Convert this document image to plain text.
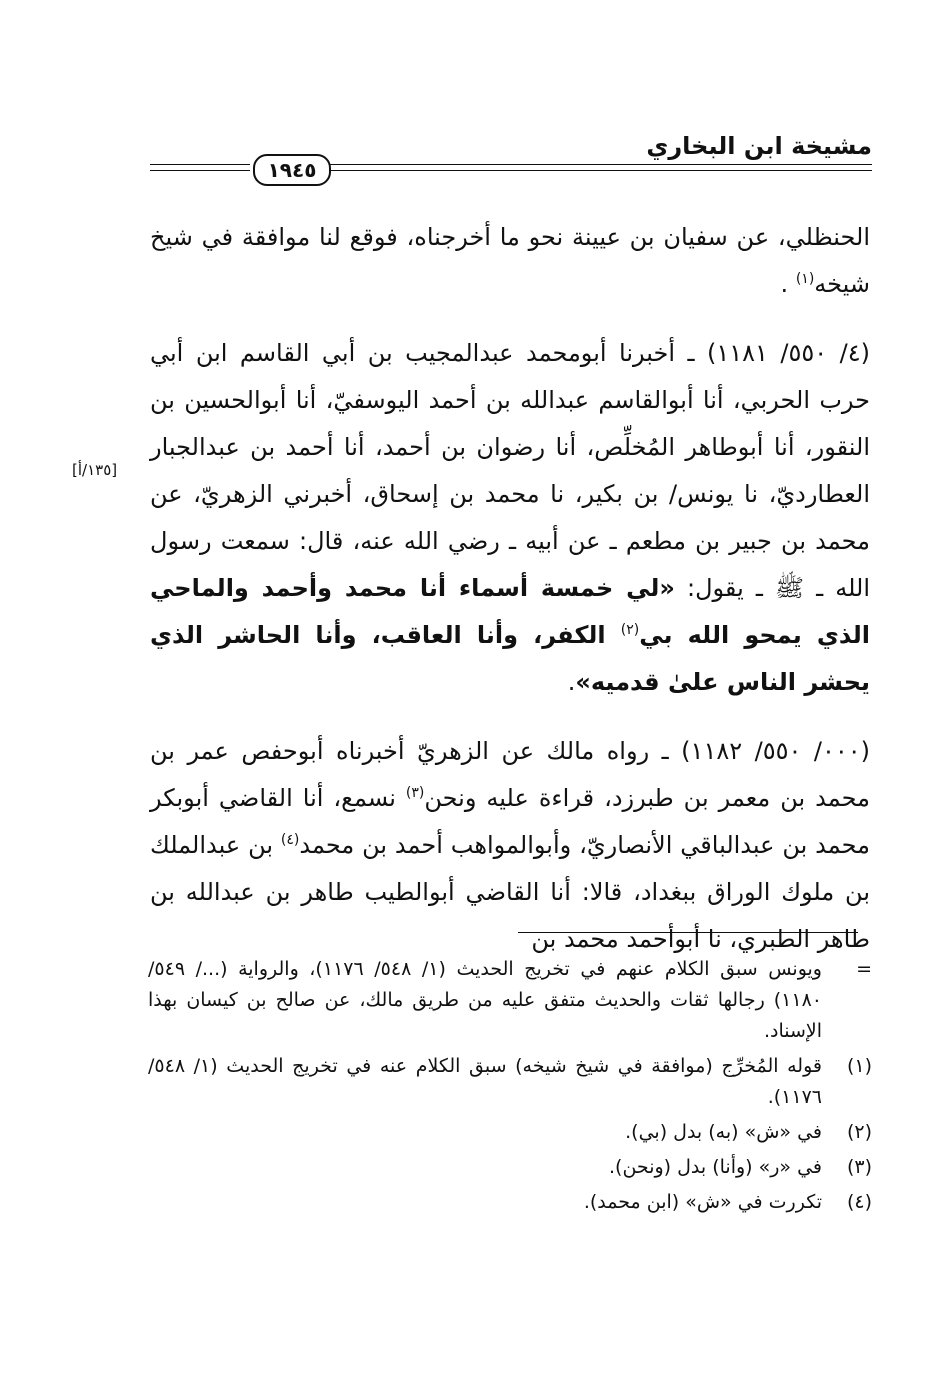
مشيخة ابن البخاري
١٩٤٥

الحنظلي، عن سفيان بن عيينة نحو ما أخرجناه، فوقع لنا موافقة في شيخ شيخه$^{(١)}$ .

(٤/ ٥٥٠/ ١١٨١) ـ أخبرنا أبومحمد عبدالمجيب بن أبي القاسم ابن أبي حرب الحربي، أنا أبوالقاسم عبدالله بن أحمد اليوسفيّ، أنا أبوالحسين بن النقور، أنا أبوطاهر المُخلِّص، أنا رضوان بن أحمد، أنا أحمد بن عبدالجبار العطارديّ، نا يونس/ بن بكير، نا محمد بن إسحاق، أخبرني الزهريّ، عن محمد بن جبير بن مطعم ـ عن أبيه ـ رضي الله عنه، قال: سمعت رسول الله ـ ﷺ ـ يقول: «لي خمسة أسماء أنا محمد وأحمد والماحي الذي يمحو الله بي$^{(٢)}$ الكفر، وأنا العاقب، وأنا الحاشر الذي يحشر الناس علىٰ قدميه».

(٠٠٠/ ٥٥٠/ ١١٨٢) ـ رواه مالك عن الزهريّ أخبرناه أبوحفص عمر بن محمد بن معمر بن طبرزد، قراءة عليه ونحن$^{(٣)}$ نسمع، أنا القاضي أبوبكر محمد بن عبدالباقي الأنصاريّ، وأبوالمواهب أحمد بن محمد$^{(٤)}$ بن عبدالملك بن ملوك الوراق ببغداد، قالا: أنا القاضي أبوالطيب طاهر بن عبدالله بن طاهر الطبري، نا أبوأحمد محمد بن

[١٣٥/أ]
=
ويونس سبق الكلام عنهم في تخريج الحديث (١/ ٥٤٨/ ١١٧٦)، والرواية (.../ ٥٤٩/ ١١٨٠) رجالها ثقات والحديث متفق عليه من طريق مالك، عن صالح بن كيسان بهذا الإسناد.
(١)
قوله المُخرِّج (موافقة في شيخ شيخه) سبق الكلام عنه في تخريج الحديث (١/ ٥٤٨/ ١١٧٦).
(٢)
في «ش» (به) بدل (بي).
(٣)
في «ر» (وأنا) بدل (ونحن).
(٤)
تكررت في «ش» (ابن محمد).
